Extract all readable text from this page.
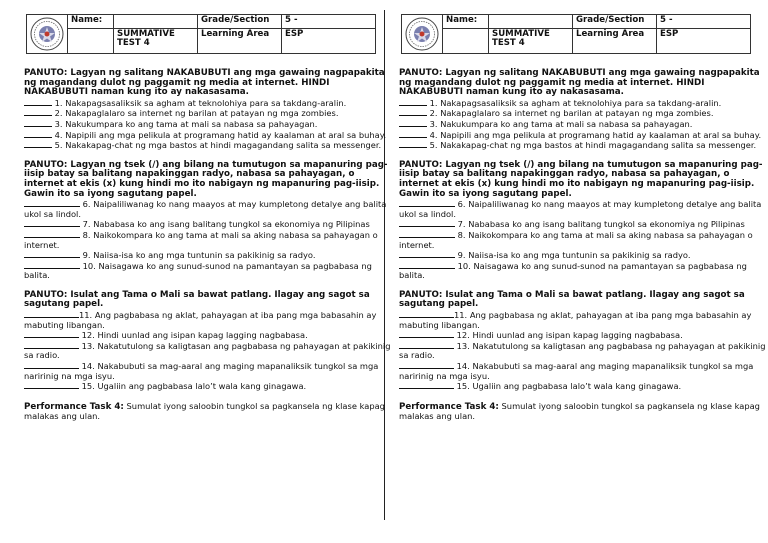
	Name:		Grade/Section	5 -
		SUMMATIVE TEST 4	Learning Area	ESP
PANUTO: Lagyan ng salitang NAKABUBUTI ang mga gawaing nagpapakita ng magandang dulot ng paggamit ng media at internet. HINDI NAKABUBUTI naman kung ito ay nakasasama.
1. Nakapagsasaliksik sa agham at teknolohiya para sa takdang-aralin.
2. Nakapaglalaro sa internet ng barilan at patayan ng mga zombies.
3. Nakukumpara ko ang tama at mali sa nabasa sa pahayagan.
4. Napipili ang mga pelikula at programang hatid ay kaalaman at aral sa buhay.
5. Nakakapag-chat ng mga bastos at hindi magagandang salita sa messenger.
PANUTO: Lagyan ng tsek (/) ang bilang na tumutugon sa mapanuring pag-iisip batay sa balitang napakinggan radyo, nabasa sa pahayagan, o internet at ekis (x) kung hindi mo ito nabigayn ng mapanuring pag-iisip. Gawin ito sa iyong sagutang papel.
6. Naipaliliwanag ko nang maayos at may kumpletong detalye ang balita ukol sa lindol.
7. Nababasa ko ang isang balitang tungkol sa ekonomiya ng Pilipinas
8. Naikokompara ko ang tama at mali sa aking nabasa sa pahayagan o internet.
9. Naiisa-isa ko ang mga tuntunin sa pakikinig sa radyo.
10. Naisagawa ko ang sunud-sunod na pamantayan sa pagbabasa ng balita.
PANUTO: Isulat ang Tama o Mali sa bawat patlang. Ilagay ang sagot sa sagutang papel.
11. Ang pagbabasa ng aklat, pahayagan at iba pang mga babasahin ay mabuting libangan.
12. Hindi uunlad ang isipan kapag lagging nagbabasa.
13. Nakatutulong sa kaligtasan ang pagbabasa ng pahayagan at pakikinig sa radio.
14. Nakabubuti sa mag-aaral ang maging mapanaliksik tungkol sa mga naririnig na mga isyu.
15. Ugaliin ang pagbabasa lalo’t wala kang ginagawa.
Performance Task 4: Sumulat iyong saloobin tungkol sa pagkansela ng klase kapag malakas ang ulan.
	Name:		Grade/Section	5 -
		SUMMATIVE TEST 4	Learning Area	ESP
PANUTO: Lagyan ng salitang NAKABUBUTI ang mga gawaing nagpapakita ng magandang dulot ng paggamit ng media at internet. HINDI NAKABUBUTI naman kung ito ay nakasasama.
1. Nakapagsasaliksik sa agham at teknolohiya para sa takdang-aralin.
2. Nakapaglalaro sa internet ng barilan at patayan ng mga zombies.
3. Nakukumpara ko ang tama at mali sa nabasa sa pahayagan.
4. Napipili ang mga pelikula at programang hatid ay kaalaman at aral sa buhay.
5. Nakakapag-chat ng mga bastos at hindi magagandang salita sa messenger.
PANUTO: Lagyan ng tsek (/) ang bilang na tumutugon sa mapanuring pag-iisip batay sa balitang napakinggan radyo, nabasa sa pahayagan, o internet at ekis (x) kung hindi mo ito nabigayn ng mapanuring pag-iisip. Gawin ito sa iyong sagutang papel.
6. Naipaliliwanag ko nang maayos at may kumpletong detalye ang balita ukol sa lindol.
7. Nababasa ko ang isang balitang tungkol sa ekonomiya ng Pilipinas
8. Naikokompara ko ang tama at mali sa aking nabasa sa pahayagan o internet.
9. Naiisa-isa ko ang mga tuntunin sa pakikinig sa radyo.
10. Naisagawa ko ang sunud-sunod na pamantayan sa pagbabasa ng balita.
PANUTO: Isulat ang Tama o Mali sa bawat patlang. Ilagay ang sagot sa sagutang papel.
11. Ang pagbabasa ng aklat, pahayagan at iba pang mga babasahin ay mabuting libangan.
12. Hindi uunlad ang isipan kapag lagging nagbabasa.
13. Nakatutulong sa kaligtasan ang pagbabasa ng pahayagan at pakikinig sa radio.
14. Nakabubuti sa mag-aaral ang maging mapanaliksik tungkol sa mga naririnig na mga isyu.
15. Ugaliin ang pagbabasa lalo’t wala kang ginagawa.
Performance Task 4: Sumulat iyong saloobin tungkol sa pagkansela ng klase kapag malakas ang ulan.
